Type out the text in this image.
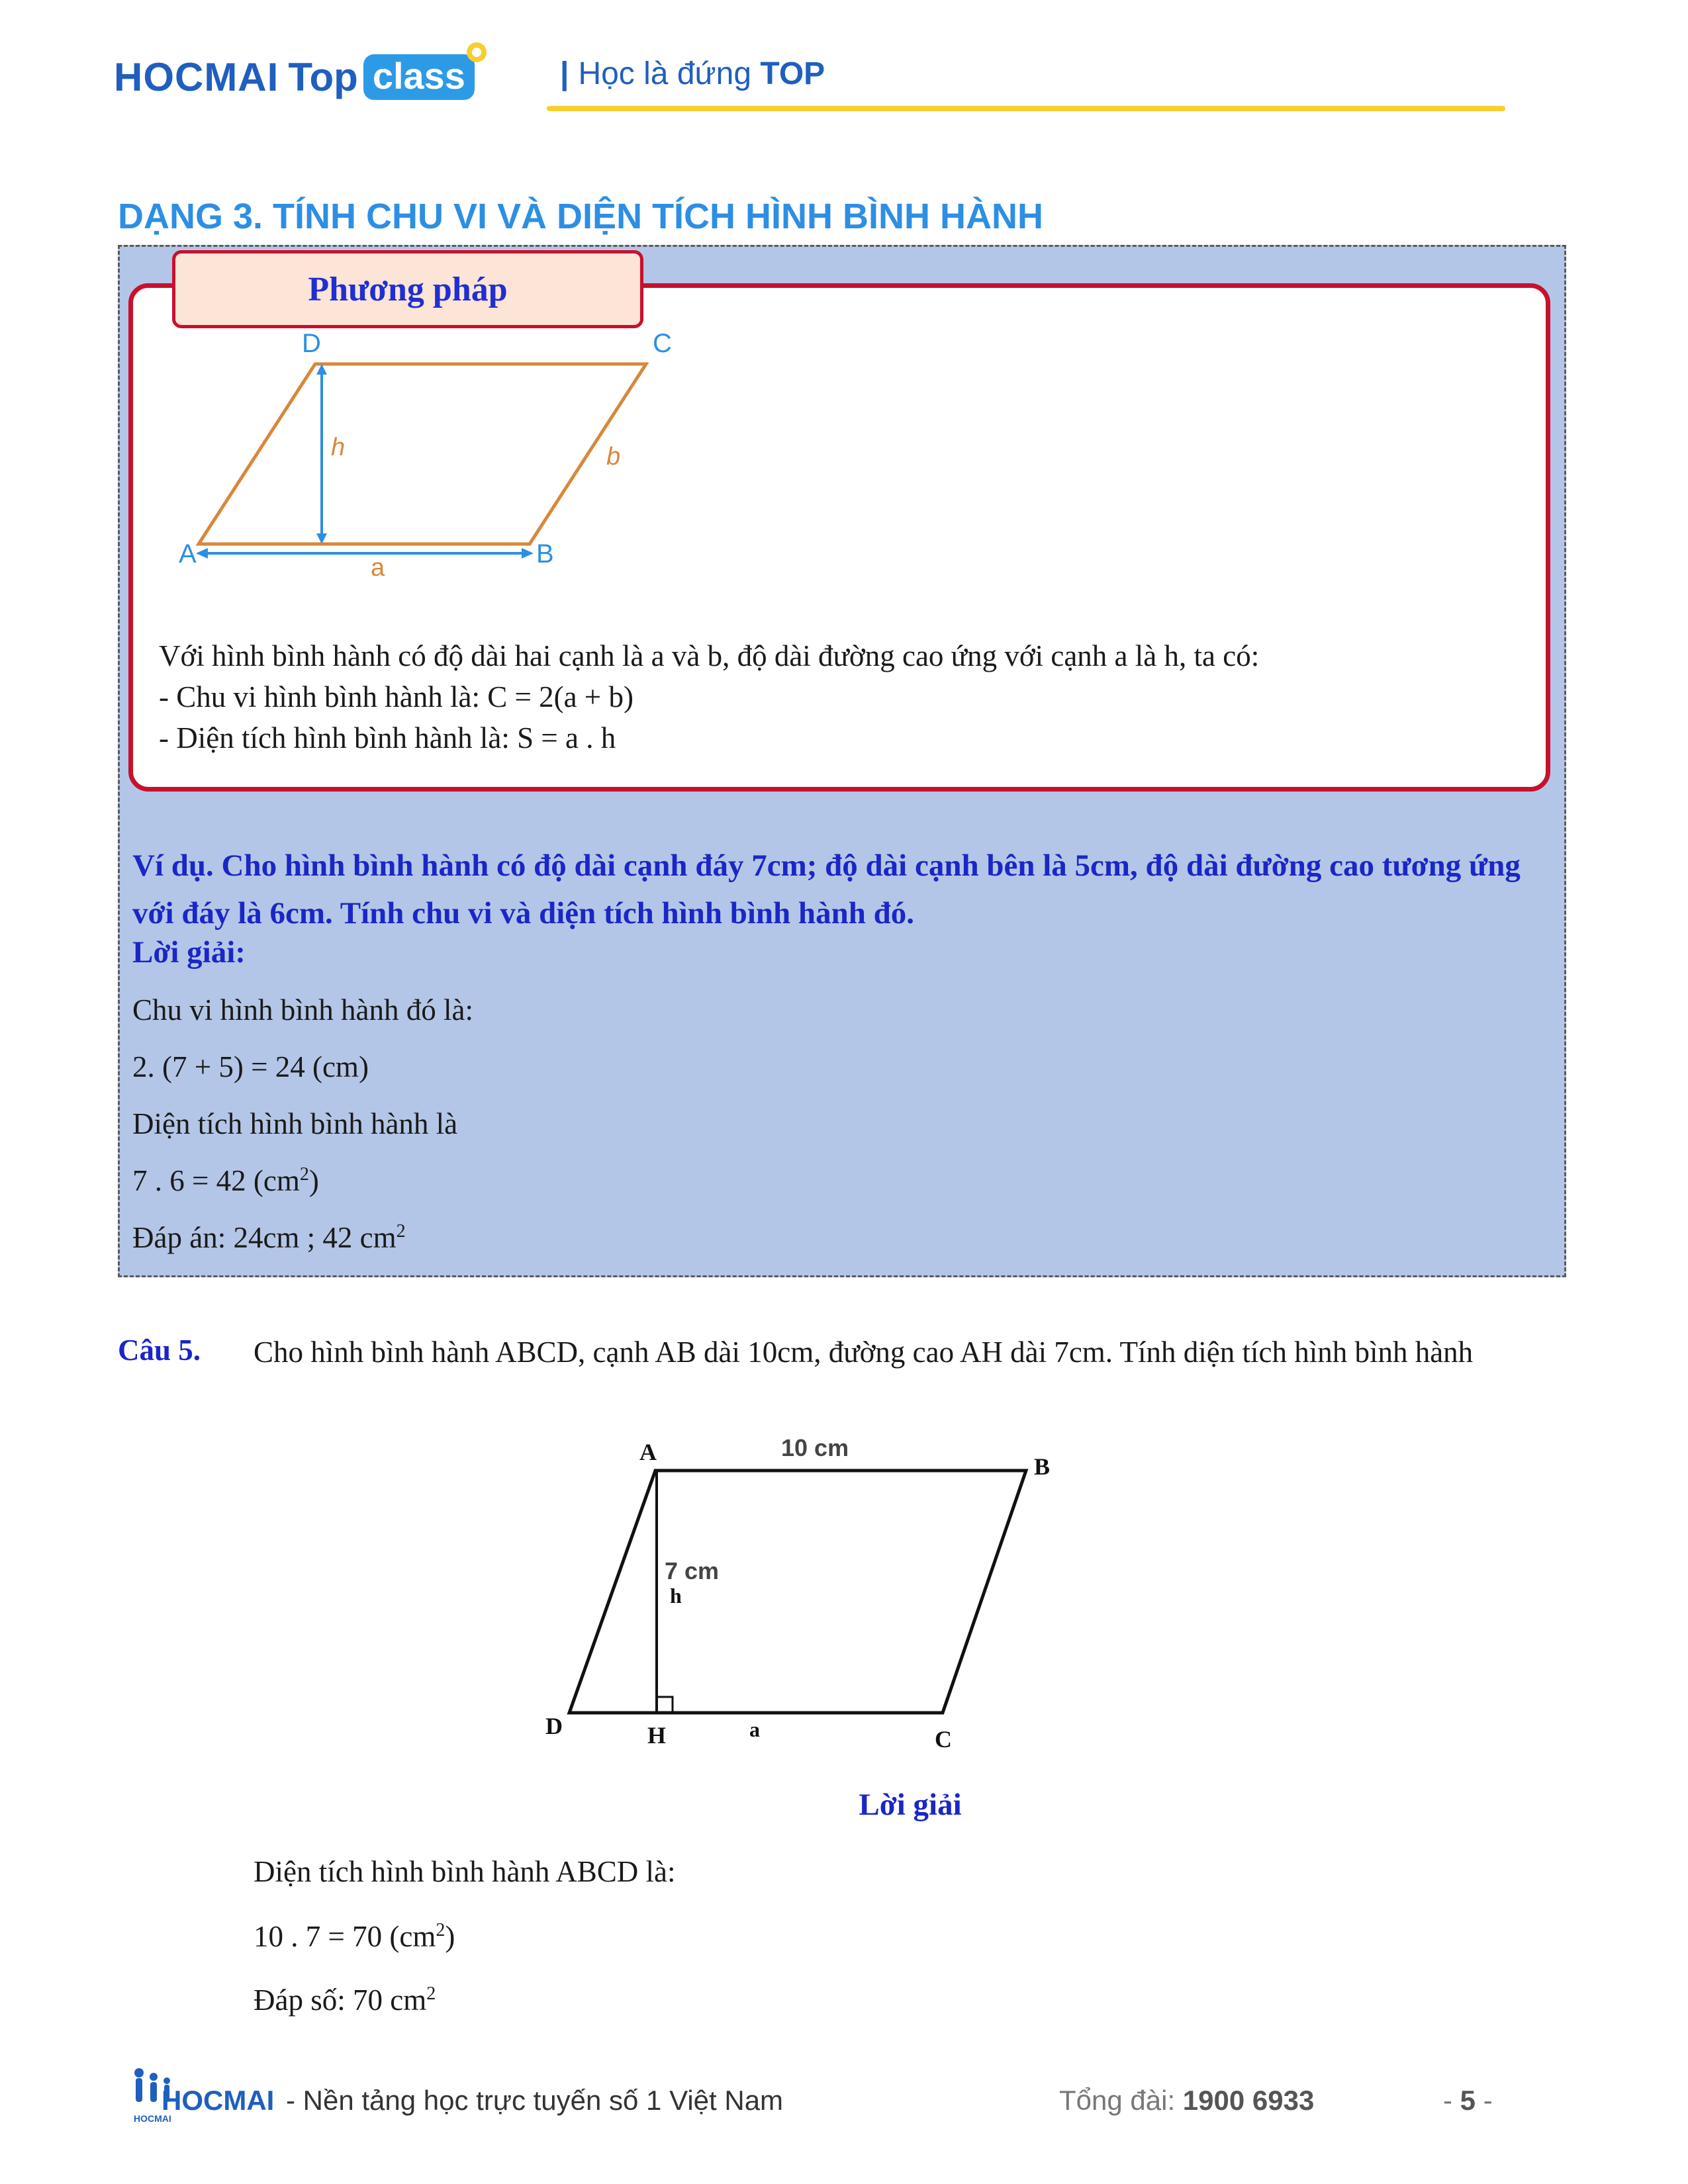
HOCMAI Top class	| Học là đứng TOP
DẠNG 3. TÍNH CHU VI VÀ DIỆN TÍCH HÌNH BÌNH HÀNH
Phương pháp
D	C
A	B
h	b
a
Với hình bình hành có độ dài hai cạnh là a và b, độ dài đường cao ứng với cạnh a là h, ta có:
- Chu vi hình bình hành là: C = 2(a + b)
- Diện tích hình bình hành là: S = a . h
Ví dụ. Cho hình bình hành có độ dài cạnh đáy 7cm; độ dài cạnh bên là 5cm, độ dài đường cao tương ứng với đáy là 6cm. Tính chu vi và diện tích hình bình hành đó.
Lời giải:
Chu vi hình bình hành đó là:
2. (7 + 5) = 24 (cm)
Diện tích hình bình hành là
7 . 6 = 42 $(cm^2)$
Đáp án: 24cm ; 42 $cm^2$
Câu 5. Cho hình bình hành ABCD, cạnh AB dài 10cm, đường cao AH dài 7cm. Tính diện tích hình bình hành
A
B
C
D	H
10 cm
7 cm
h
a
Lời giải
Diện tích hình bình hành ABCD là:
10 . 7 = 70 $(cm^2)$
Đáp số: 70 $cm^2$
HOCMAI
HOCMAI - Nền tảng học trực tuyến số 1 Việt Nam	Tổng đài: 1900 6933	- 5 -
